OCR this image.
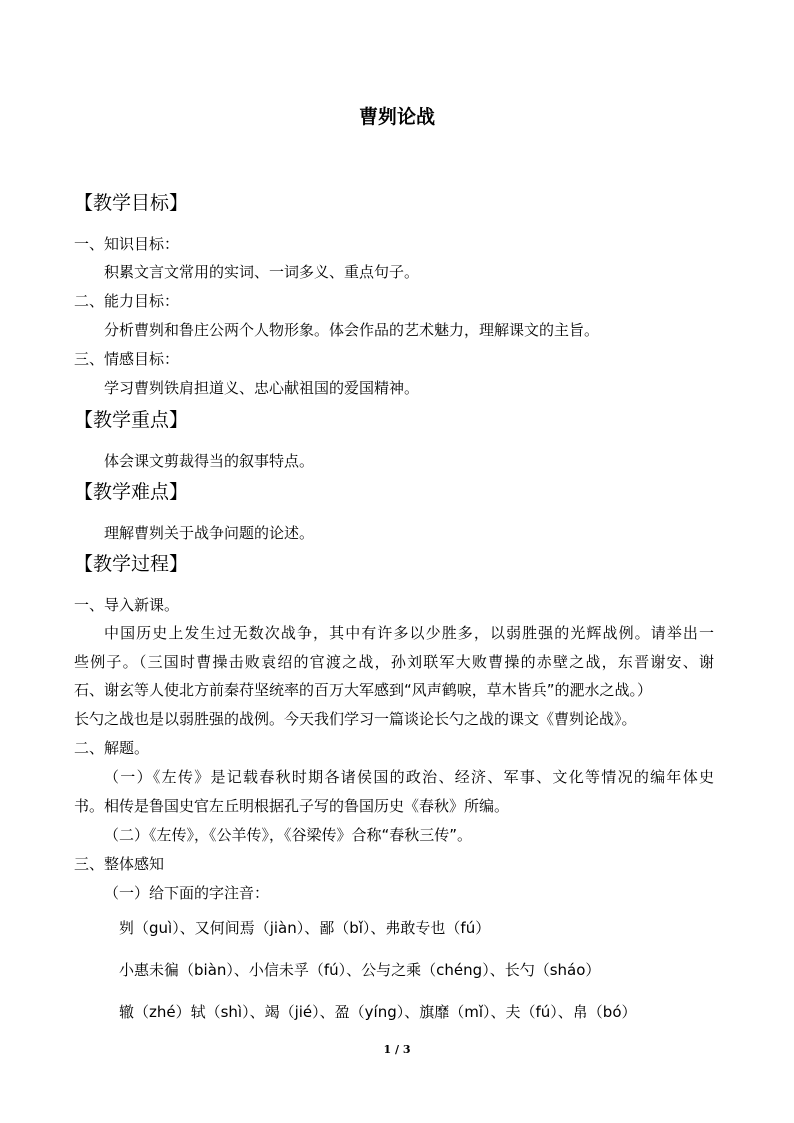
曹刿论战
【教学目标】
一、知识目标：
积累文言文常用的实词、一词多义、重点句子。
二、能力目标：
分析曹刿和鲁庄公两个人物形象。体会作品的艺术魅力，理解课文的主旨。
三、情感目标：
学习曹刿铁肩担道义、忠心献祖国的爱国精神。
【教学重点】
体会课文剪裁得当的叙事特点。
【教学难点】
理解曹刿关于战争问题的论述。
【教学过程】
一、导入新课。
中国历史上发生过无数次战争，其中有许多以少胜多，以弱胜强的光辉战例。请举出一
些例子。（三国时曹操击败袁绍的官渡之战，孙刘联军大败曹操的赤壁之战，东晋谢安、谢
石、谢玄等人使北方前秦苻坚统率的百万大军感到“风声鹤唳，草木皆兵”的淝水之战。）
长勺之战也是以弱胜强的战例。今天我们学习一篇谈论长勺之战的课文《曹刿论战》。
二、解题。
（一）《左传》是记载春秋时期各诸侯国的政治、经济、军事、文化等情况的编年体史
书。相传是鲁国史官左丘明根据孔子写的鲁国历史《春秋》所编。
（二）《左传》，《公羊传》，《谷梁传》合称“春秋三传”。
三、整体感知
（一）给下面的字注音：
刿（guì）、又何间焉（jiàn）、鄙（bǐ）、弗敢专也（fú）
小惠未徧（biàn）、小信未孚（fú）、公与之乘（chéng）、长勺（sháo）
辙（zhé）轼（shì）、竭（jié）、盈（yíng）、旗靡（mǐ）、夫（fú）、帛（bó）
1 / 3
